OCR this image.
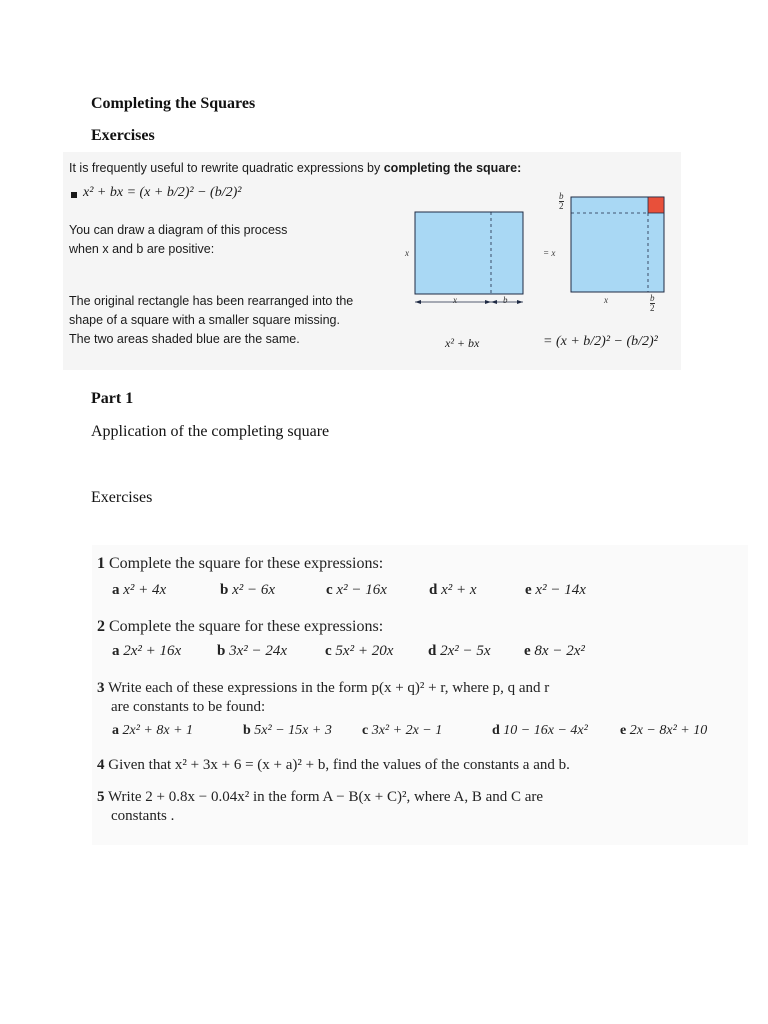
Completing the Squares
Exercises
It is frequently useful to rewrite quadratic expressions by completing the square:
x² + bx = (x + b/2)² − (b/2)²
You can draw a diagram of this process
when x and b are positive:
The original rectangle has been rearranged into the
shape of a square with a smaller square missing.
The two areas shaded blue are the same.
x	= x
x	b	x
$\frac{b}{2}$
$\frac{b}{2}$
x² + bx	= (x + b/2)² − (b/2)²
Part 1
Application of the completing square
Exercises
1 Complete the square for these expressions:
a x² + 4x	b x² − 6x	c x² − 16x	d x² + x	e x² − 14x
2 Complete the square for these expressions:
a 2x² + 16x b 3x² − 24x	c 5x² + 20x d 2x² − 5x e 8x − 2x²
3 Write each of these expressions in the form p(x + q)² + r, where p, q and r
are constants to be found:
a 2x² + 8x + 1	b 5x² − 15x + 3 c 3x² + 2x − 1	d 10 − 16x − 4x² e 2x − 8x² + 10
4 Given that x² + 3x + 6 = (x + a)² + b, find the values of the constants a and b.
5 Write 2 + 0.8x − 0.04x² in the form A − B(x + C)², where A, B and C are
constants .
